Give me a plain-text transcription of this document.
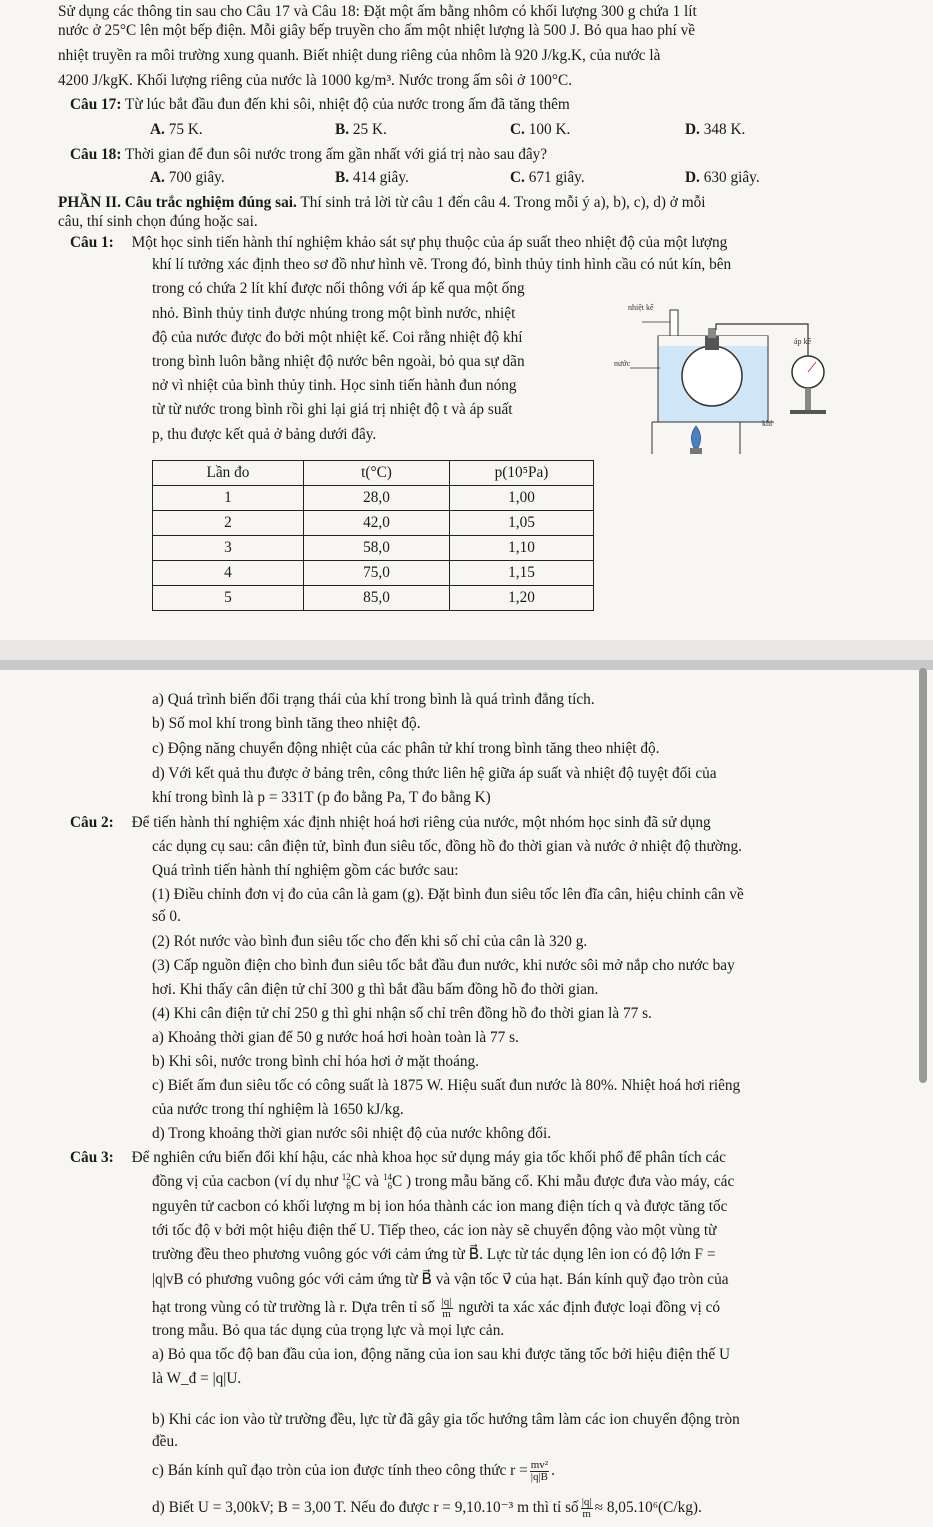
Sử dụng các thông tin sau cho Câu 17 và Câu 18: Đặt một ấm bằng nhôm có khối lượng 300 g chứa 1 lít
nước ở 25°C lên một bếp điện. Mỗi giây bếp truyền cho ấm một nhiệt lượng là 500 J. Bỏ qua hao phí về
nhiệt truyền ra môi trường xung quanh. Biết nhiệt dung riêng của nhôm là 920 J/kg.K, của nước là
4200 J/kgK. Khối lượng riêng của nước là 1000 kg/m³. Nước trong ấm sôi ở 100°C.
Câu 17: Từ lúc bắt đầu đun đến khi sôi, nhiệt độ của nước trong ấm đã tăng thêm
A. 75 K.	B. 25 K.	C. 100 K.	D. 348 K.
Câu 18: Thời gian để đun sôi nước trong ấm gần nhất với giá trị nào sau đây?
A. 700 giây.	B. 414 giây.	C. 671 giây.	D. 630 giây.
PHẦN II. Câu trắc nghiệm đúng sai. Thí sinh trả lời từ câu 1 đến câu 4. Trong mỗi ý a), b), c), d) ở mỗi
câu, thí sinh chọn đúng hoặc sai.
Câu 1: Một học sinh tiến hành thí nghiệm khảo sát sự phụ thuộc của áp suất theo nhiệt độ của một lượng
khí lí tưởng xác định theo sơ đồ như hình vẽ. Trong đó, bình thủy tinh hình cầu có nút kín, bên
trong có chứa 2 lít khí được nối thông với áp kế qua một ống
nhỏ. Bình thủy tinh được nhúng trong một bình nước, nhiệt
độ của nước được đo bởi một nhiệt kế. Coi rằng nhiệt độ khí
trong bình luôn bằng nhiệt độ nước bên ngoài, bỏ qua sự dãn
nở vì nhiệt của bình thủy tinh. Học sinh tiến hành đun nóng
từ từ nước trong bình rồi ghi lại giá trị nhiệt độ t và áp suất
p, thu được kết quả ở bảng dưới đây.
nhiệt kế
nước
áp kế
khí
Lần đo	t(°C)	p(10⁵Pa)
1	28,0	1,00
2	42,0	1,05
3	58,0	1,10
4	75,0	1,15
5	85,0	1,20
a) Quá trình biến đổi trạng thái của khí trong bình là quá trình đẳng tích.
b) Số mol khí trong bình tăng theo nhiệt độ.
c) Động năng chuyển động nhiệt của các phân tử khí trong bình tăng theo nhiệt độ.
d) Với kết quả thu được ở bảng trên, công thức liên hệ giữa áp suất và nhiệt độ tuyệt đối của
khí trong bình là p = 331T (p đo bằng Pa, T đo bằng K)
Câu 2: Để tiến hành thí nghiệm xác định nhiệt hoá hơi riêng của nước, một nhóm học sinh đã sử dụng
các dụng cụ sau: cân điện tử, bình đun siêu tốc, đồng hồ đo thời gian và nước ở nhiệt độ thường.
Quá trình tiến hành thí nghiệm gồm các bước sau:
(1) Điều chỉnh đơn vị đo của cân là gam (g). Đặt bình đun siêu tốc lên đĩa cân, hiệu chỉnh cân về
số 0.
(2) Rót nước vào bình đun siêu tốc cho đến khi số chỉ của cân là 320 g.
(3) Cấp nguồn điện cho bình đun siêu tốc bắt đầu đun nước, khi nước sôi mở nắp cho nước bay
hơi. Khi thấy cân điện tử chỉ 300 g thì bắt đầu bấm đồng hồ đo thời gian.
(4) Khi cân điện tử chỉ 250 g thì ghi nhận số chỉ trên đồng hồ đo thời gian là 77 s.
a) Khoảng thời gian để 50 g nước hoá hơi hoàn toàn là 77 s.
b) Khi sôi, nước trong bình chỉ hóa hơi ở mặt thoáng.
c) Biết ấm đun siêu tốc có công suất là 1875 W. Hiệu suất đun nước là 80%. Nhiệt hoá hơi riêng
của nước trong thí nghiệm là 1650 kJ/kg.
d) Trong khoảng thời gian nước sôi nhiệt độ của nước không đổi.
Câu 3: Để nghiên cứu biến đổi khí hậu, các nhà khoa học sử dụng máy gia tốc khối phổ để phân tích các
đồng vị của cacbon (ví dụ như 12
6 C và 14
6 C ) trong mẫu băng cổ. Khi mẫu được đưa vào máy, các
nguyên tử cacbon có khối lượng m bị ion hóa thành các ion mang điện tích q và được tăng tốc
tới tốc độ v bởi một hiệu điện thế U. Tiếp theo, các ion này sẽ chuyển động vào một vùng từ
trường đều theo phương vuông góc với cảm ứng từ B⃗. Lực từ tác dụng lên ion có độ lớn F =
|q|vB có phương vuông góc với cảm ứng từ B⃗ và vận tốc v⃗ của hạt. Bán kính quỹ đạo tròn của
hạt trong vùng có từ trường là r. Dựa trên tỉ số $\frac{|q|}{m}$ người ta xác xác định được loại đồng vị có
trong mẫu. Bỏ qua tác dụng của trọng lực và mọi lực cản.
a) Bỏ qua tốc độ ban đầu của ion, động năng của ion sau khi được tăng tốc bởi hiệu điện thế U
là W_đ = |q|U.
b) Khi các ion vào từ trường đều, lực từ đã gây gia tốc hướng tâm làm các ion chuyển động tròn
đều.
c) Bán kính quĩ đạo tròn của ion được tính theo công thức $r = \frac{\text{mv²}}{|q|B}$ .
d) Biết U = 3,00kV; B = 3,00 T. Nếu đo được r = 9,10.10⁻³ m thì tỉ số $\frac{|q|}{m} \approx 8,05.10^6(C/kg)$.
